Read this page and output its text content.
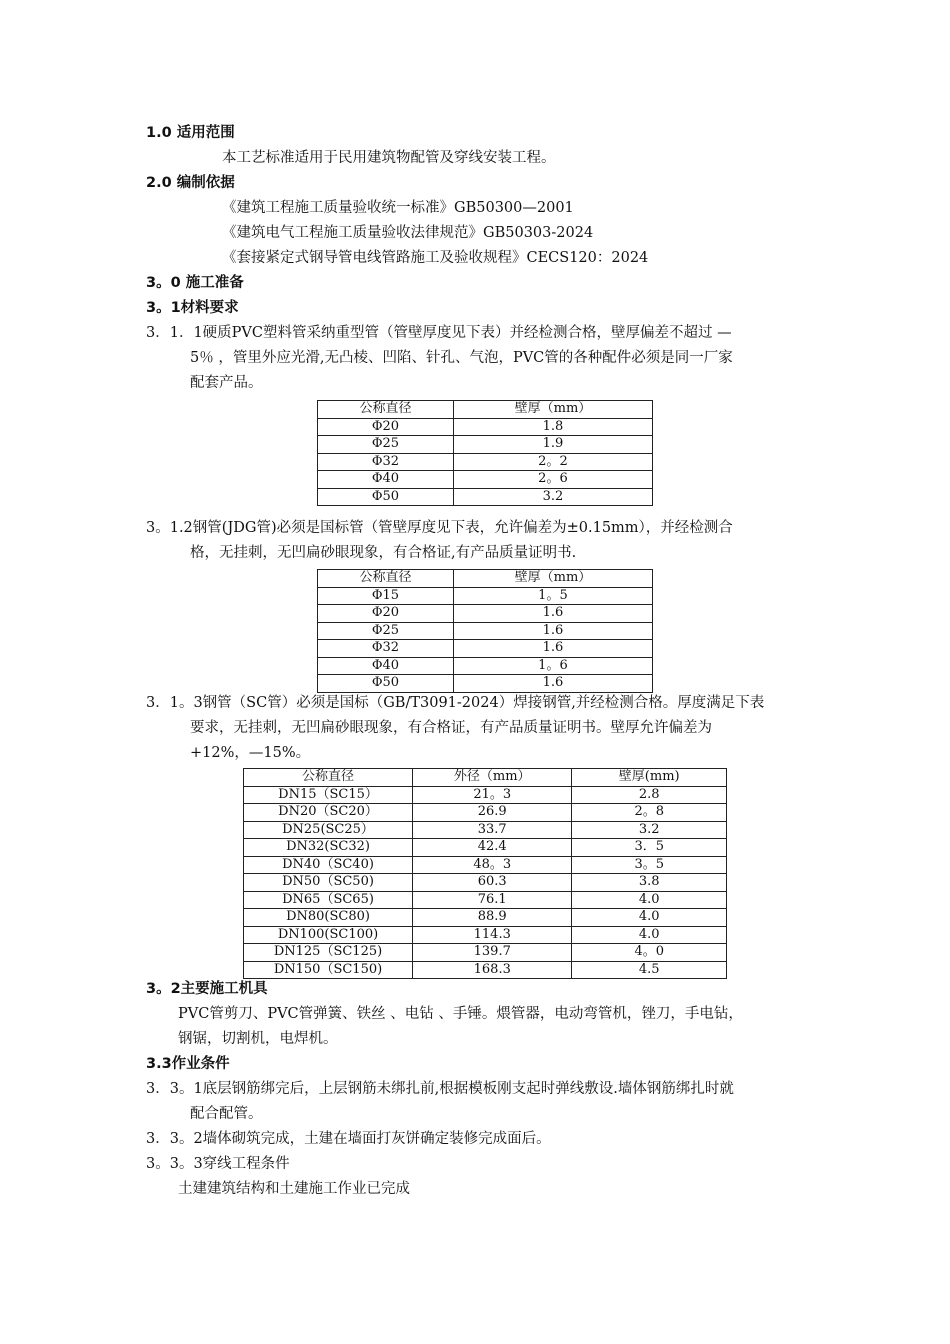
1.0 适用范围
本工艺标准适用于民用建筑物配管及穿线安装工程。
2.0 编制依据
《建筑工程施工质量验收统一标准》GB50300—2001
《建筑电气工程施工质量验收法律规范》GB50303-2024
《套接紧定式钢导管电线管路施工及验收规程》CECS120：2024
3。0 施工准备
3。1材料要求
3．1．1硬质PVC塑料管采纳重型管（管壁厚度见下表）并经检测合格，壁厚偏差不超过 —
5％ ，管里外应光滑,无凸棱、凹陷、针孔、气泡，PVC管的各种配件必须是同一厂家
配套产品。
公称直径	壁厚（mm）
Φ20	1.8
Φ25	1.9
Φ32	2。2
Φ40	2。6
Φ50	3.2
3。1.2钢管(JDG管)必须是国标管（管壁厚度见下表，允许偏差为±0.15mm），并经检测合
格，无挂刺，无凹扁砂眼现象，有合格证,有产品质量证明书.
公称直径	壁厚（mm）
Φ15	1。5
Φ20	1.6
Φ25	1.6
Φ32	1.6
Φ40	1。6
Φ50	1.6
3．1。3钢管（SC管）必须是国标（GB/T3091-2024）焊接钢管,并经检测合格。厚度满足下表
要求，无挂刺，无凹扁砂眼现象，有合格证，有产品质量证明书。壁厚允许偏差为
+12%，—15%。
公称直径	外径（mm）	壁厚(mm)
DN15（SC15）	21。3	2.8
DN20（SC20）	26.9	2。8
DN25(SC25）	33.7	3.2
DN32(SC32)	42.4	3．5
DN40（SC40)	48。3	3。5
DN50（SC50)	60.3	3.8
DN65（SC65)	76.1	4.0
DN80(SC80)	88.9	4.0
DN100(SC100)	114.3	4.0
DN125（SC125)	139.7	4。0
DN150（SC150)	168.3	4.5
3。2主要施工机具
PVC管剪刀、PVC管弹簧、铁丝 、电钻 、手锤。煨管器，电动弯管机，锉刀，手电钻，
钢锯，切割机，电焊机。
3.3作业条件
3．3。1底层钢筋绑完后，上层钢筋未绑扎前,根据模板刚支起时弹线敷设.墙体钢筋绑扎时就
配合配管。
3．3。2墙体砌筑完成，土建在墙面打灰饼确定装修完成面后。
3。3。3穿线工程条件
土建建筑结构和土建施工作业已完成
